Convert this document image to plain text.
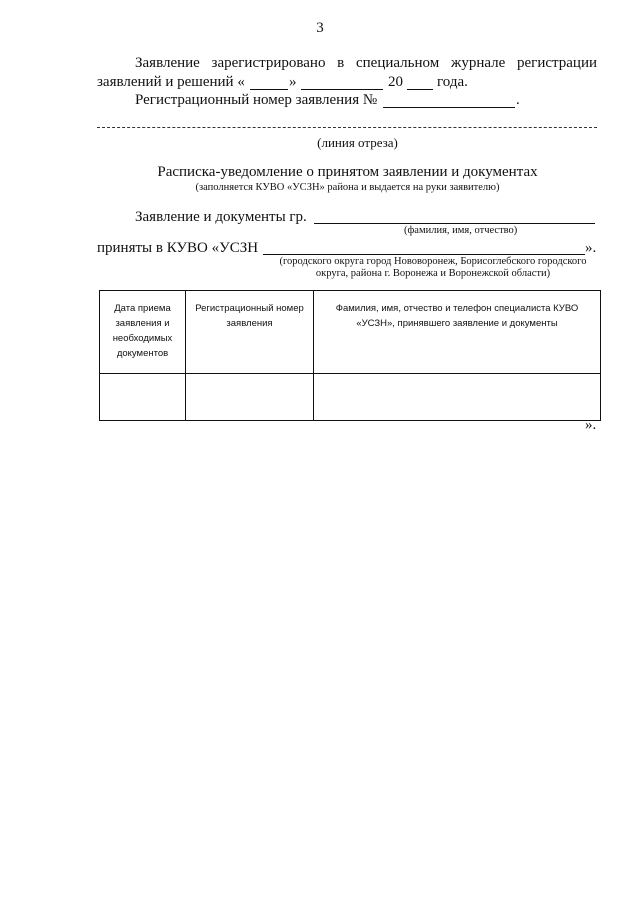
3
Заявление зарегистрировано в специальном журнале регистрации
заявлений и решений «	»	20 года.
Регистрационный номер заявления №	.
(линия отреза)
Расписка-уведомление о принятом заявлении и документах
(заполняется КУВО «УСЗН» района и выдается на руки заявителю)
Заявление и документы гр.
(фамилия, имя, отчество)
приняты в КУВО «УСЗН	».
(городского округа город Нововоронеж, Борисоглебского городского
округа, района г. Воронежа и Воронежской области)
Дата приема заявления и необходимых документов	Регистрационный номер заявления	Фамилия, имя, отчество и телефон специалиста КУВО «УСЗН», принявшего заявление и документы

».
